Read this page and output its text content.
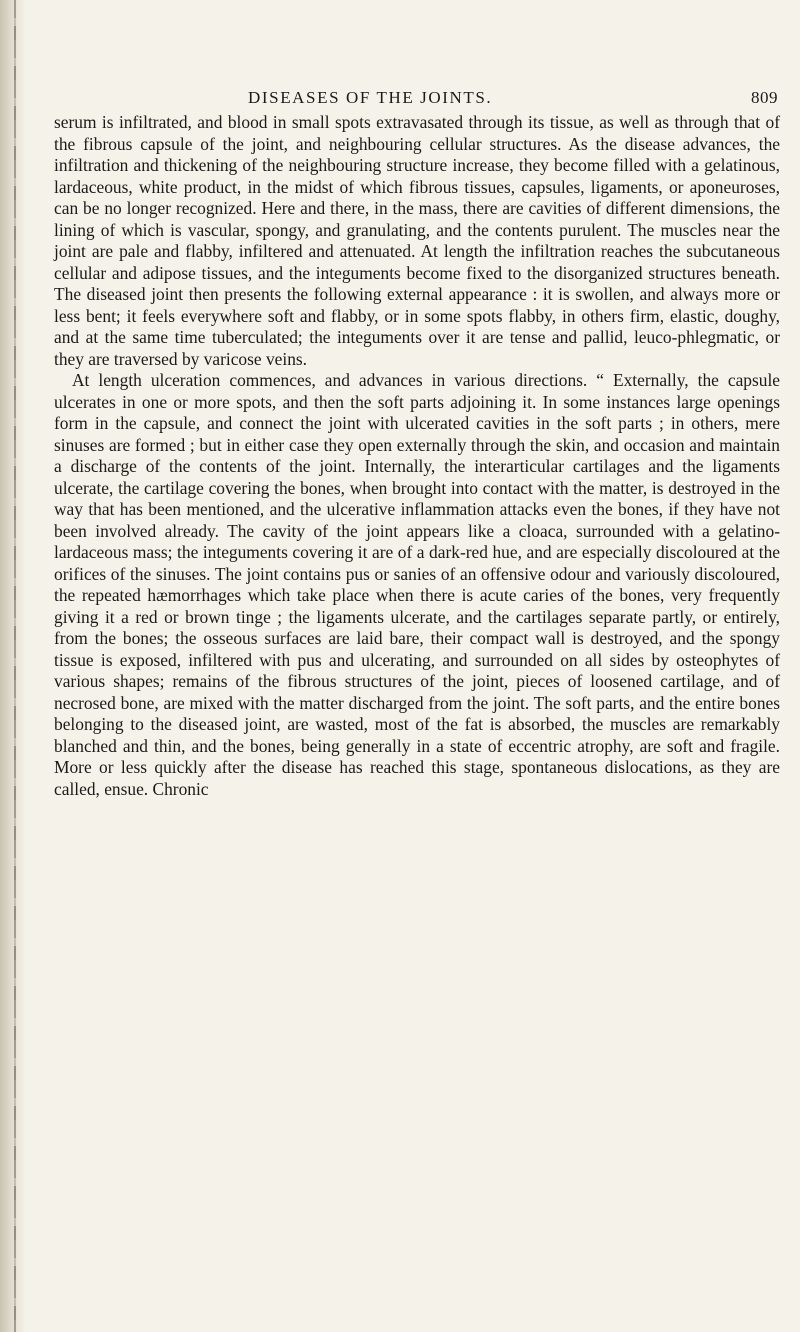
DISEASES OF THE JOINTS.	809

serum is infiltrated, and blood in small spots extravasated through its tissue, as well as through that of the fibrous capsule of the joint, and neighbouring cellular structures. As the disease advances, the infiltration and thickening of the neighbouring structure increase, they become filled with a gelatinous, lardaceous, white product, in the midst of which fibrous tissues, capsules, ligaments, or aponeuroses, can be no longer recognized. Here and there, in the mass, there are cavities of different dimensions, the lining of which is vascular, spongy, and granulating, and the contents purulent. The muscles near the joint are pale and flabby, infiltered and attenuated. At length the infiltration reaches the subcutaneous cellular and adipose tissues, and the integuments become fixed to the disorganized structures beneath. The diseased joint then presents the following external appearance : it is swollen, and always more or less bent; it feels everywhere soft and flabby, or in some spots flabby, in others firm, elastic, doughy, and at the same time tuberculated; the integuments over it are tense and pallid, leuco-phlegmatic, or they are traversed by varicose veins.

At length ulceration commences, and advances in various directions. “ Externally, the capsule ulcerates in one or more spots, and then the soft parts adjoining it. In some instances large openings form in the capsule, and connect the joint with ulcerated cavities in the soft parts ; in others, mere sinuses are formed ; but in either case they open externally through the skin, and occasion and maintain a discharge of the contents of the joint. Internally, the interarticular cartilages and the ligaments ulcerate, the cartilage covering the bones, when brought into contact with the matter, is destroyed in the way that has been mentioned, and the ulcerative inflammation attacks even the bones, if they have not been involved already. The cavity of the joint appears like a cloaca, surrounded with a gelatino-lardaceous mass; the integuments covering it are of a dark-red hue, and are especially discoloured at the orifices of the sinuses. The joint contains pus or sanies of an offensive odour and variously discoloured, the repeated hæmorrhages which take place when there is acute caries of the bones, very frequently giving it a red or brown tinge ; the ligaments ulcerate, and the cartilages separate partly, or entirely, from the bones; the osseous surfaces are laid bare, their compact wall is destroyed, and the spongy tissue is exposed, infiltered with pus and ulcerating, and surrounded on all sides by osteophytes of various shapes; remains of the fibrous structures of the joint, pieces of loosened cartilage, and of necrosed bone, are mixed with the matter discharged from the joint. The soft parts, and the entire bones belonging to the diseased joint, are wasted, most of the fat is absorbed, the muscles are remarkably blanched and thin, and the bones, being generally in a state of eccentric atrophy, are soft and fragile. More or less quickly after the disease has reached this stage, spontaneous dislocations, as they are called, ensue. Chronic
